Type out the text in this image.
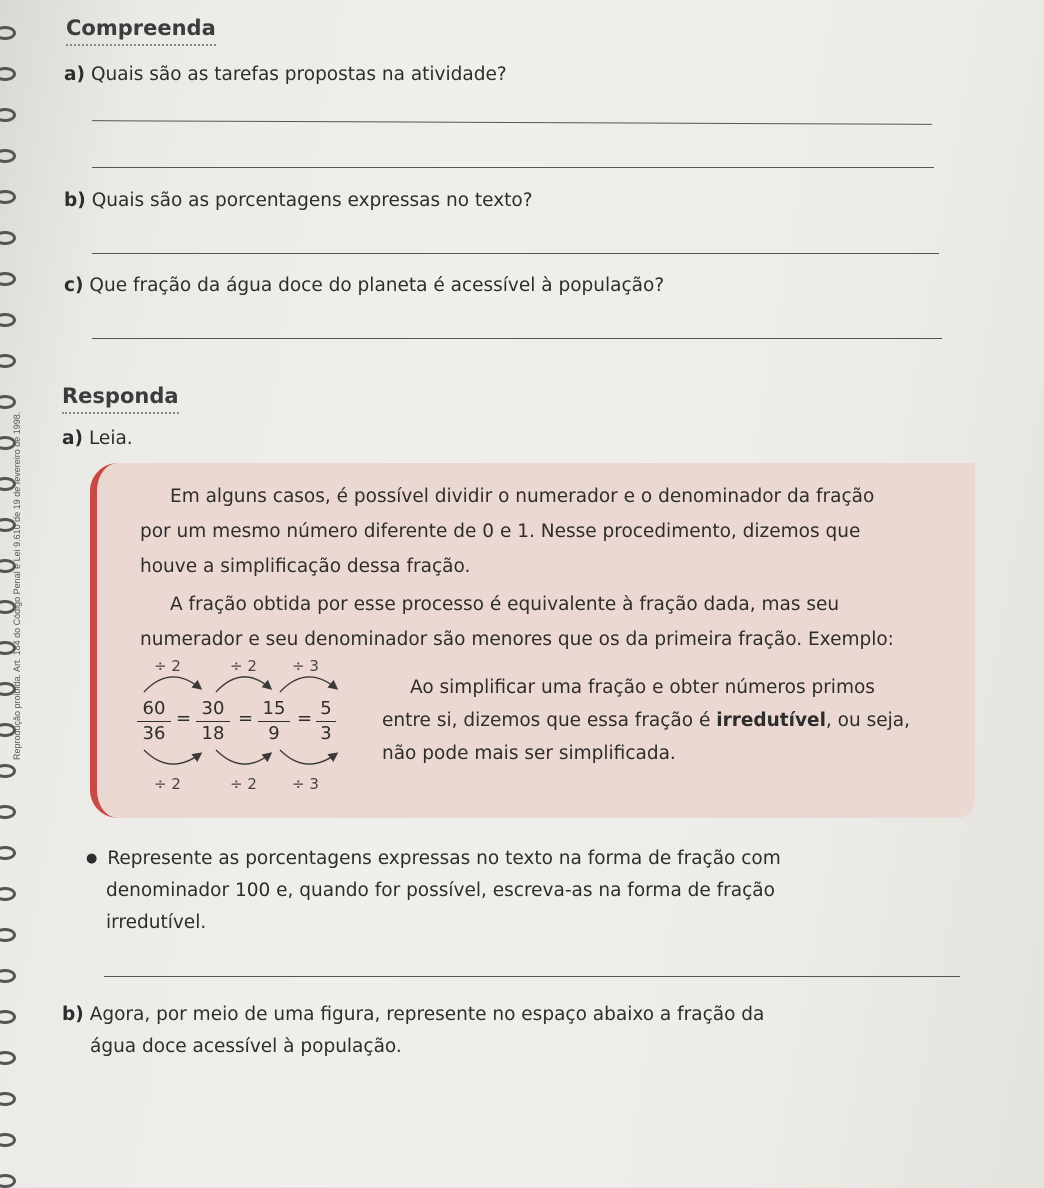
Reprodução proibida. Art. 184 do Código Penal e Lei 9.610 de 19 de fevereiro de 1998.
Compreenda
a) Quais são as tarefas propostas na atividade?
b) Quais são as porcentagens expressas no texto?
c) Que fração da água doce do planeta é acessível à população?
Responda
a) Leia.
Em alguns casos, é possível dividir o numerador e o denominador da fração
por um mesmo número diferente de 0 e 1. Nesse procedimento, dizemos que
houve a simplificação dessa fração.
A fração obtida por esse processo é equivalente à fração dada, mas seu
numerador e seu denominador são menores que os da primeira fração. Exemplo:
÷ 2	÷ 2 ÷ 3
60
36
= 30
18
= 15
9
= 5
3
÷ 2	÷ 2 ÷ 3
Ao simplificar uma fração e obter números primos
entre si, dizemos que essa fração é irredutível, ou seja,
não pode mais ser simplificada.
● Represente as porcentagens expressas no texto na forma de fração com
denominador 100 e, quando for possível, escreva-as na forma de fração
irredutível.
b) Agora, por meio de uma figura, represente no espaço abaixo a fração da
água doce acessível à população.
